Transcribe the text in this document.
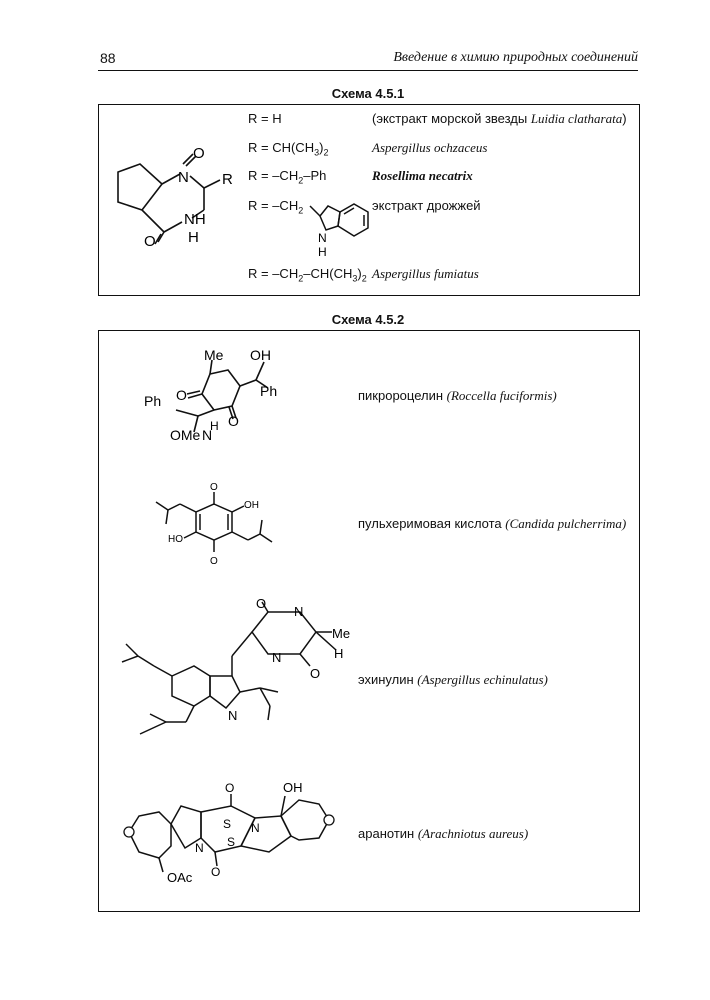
88	Введение в химию природных соединений
Схема 4.5.1
O
N R
NH
H
O
R = H	(экстракт морской звезды Luidia clatharata)
$R = CH(CH_3)_2$	Aspergillus ochzaceus
$R = -CH_2-Ph$	Rosellima necatrix
$R = -CH_2$	экстракт дрожжей
N
H
$R = -CH_2-CH(CH_3)_2$ Aspergillus fumiatus
Схема 4.5.2
Me OH
Ph
O
O
Ph
OMe N
H
пикророцелин (Roccella fuciformis)
O
O
OH
HO
пульхеримовая кислота (Candida pulcherrima)
O
N
Me
H
N
O
N
эхинулин (Aspergillus echinulatus)
OH
O
S
S
N
N
O
OAc
аранотин (Arachniotus aureus)
